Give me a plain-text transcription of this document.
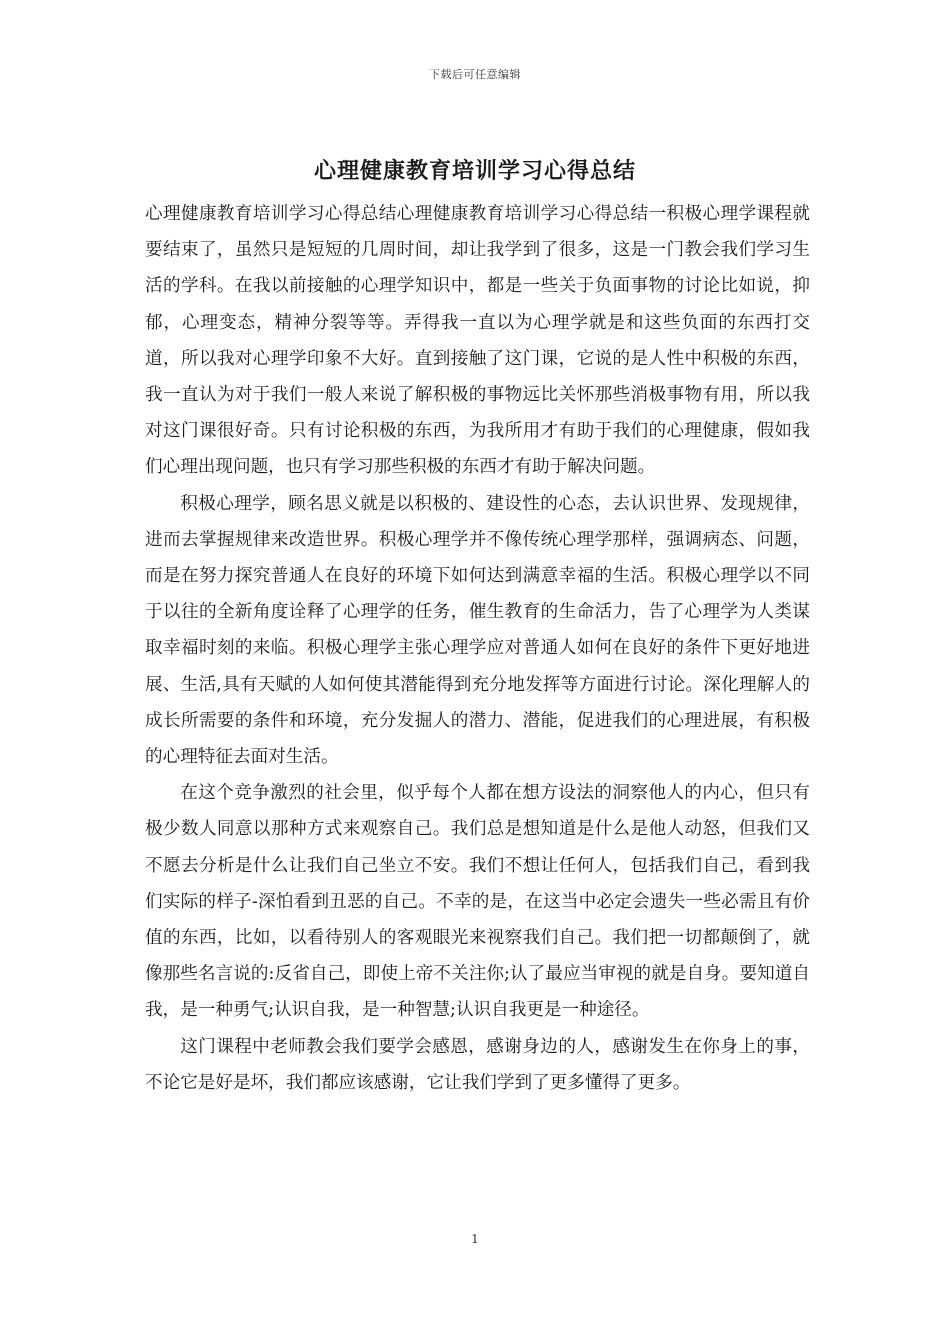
下载后可任意编辑
心理健康教育培训学习心得总结

心理健康教育培训学习心得总结心理健康教育培训学习心得总结一积极心理学课程就要结束了，虽然只是短短的几周时间，却让我学到了很多，这是一门教会我们学习生活的学科。在我以前接触的心理学知识中，都是一些关于负面事物的讨论比如说，抑郁，心理变态，精神分裂等等。弄得我一直以为心理学就是和这些负面的东西打交道，所以我对心理学印象不大好。直到接触了这门课，它说的是人性中积极的东西，我一直认为对于我们一般人来说了解积极的事物远比关怀那些消极事物有用，所以我对这门课很好奇。只有讨论积极的东西，为我所用才有助于我们的心理健康，假如我们心理出现问题，也只有学习那些积极的东西才有助于解决问题。

积极心理学，顾名思义就是以积极的、建设性的心态，去认识世界、发现规律，进而去掌握规律来改造世界。积极心理学并不像传统心理学那样，强调病态、问题，而是在努力探究普通人在良好的环境下如何达到满意幸福的生活。积极心理学以不同于以往的全新角度诠释了心理学的任务，催生教育的生命活力，告了心理学为人类谋取幸福时刻的来临。积极心理学主张心理学应对普通人如何在良好的条件下更好地进展、生活,具有天赋的人如何使其潜能得到充分地发挥等方面进行讨论。深化理解人的成长所需要的条件和环境，充分发掘人的潜力、潜能，促进我们的心理进展，有积极的心理特征去面对生活。

在这个竞争激烈的社会里，似乎每个人都在想方设法的洞察他人的内心，但只有极少数人同意以那种方式来观察自己。我们总是想知道是什么是他人动怒，但我们又不愿去分析是什么让我们自己坐立不安。我们不想让任何人，包括我们自己，看到我们实际的样子-深怕看到丑恶的自己。不幸的是，在这当中必定会遗失一些必需且有价值的东西，比如，以看待别人的客观眼光来视察我们自己。我们把一切都颠倒了，就像那些名言说的:反省自己，即使上帝不关注你;认了最应当审视的就是自身。要知道自我，是一种勇气;认识自我，是一种智慧;认识自我更是一种途径。

这门课程中老师教会我们要学会感恩，感谢身边的人，感谢发生在你身上的事，不论它是好是坏，我们都应该感谢，它让我们学到了更多懂得了更多。

1
